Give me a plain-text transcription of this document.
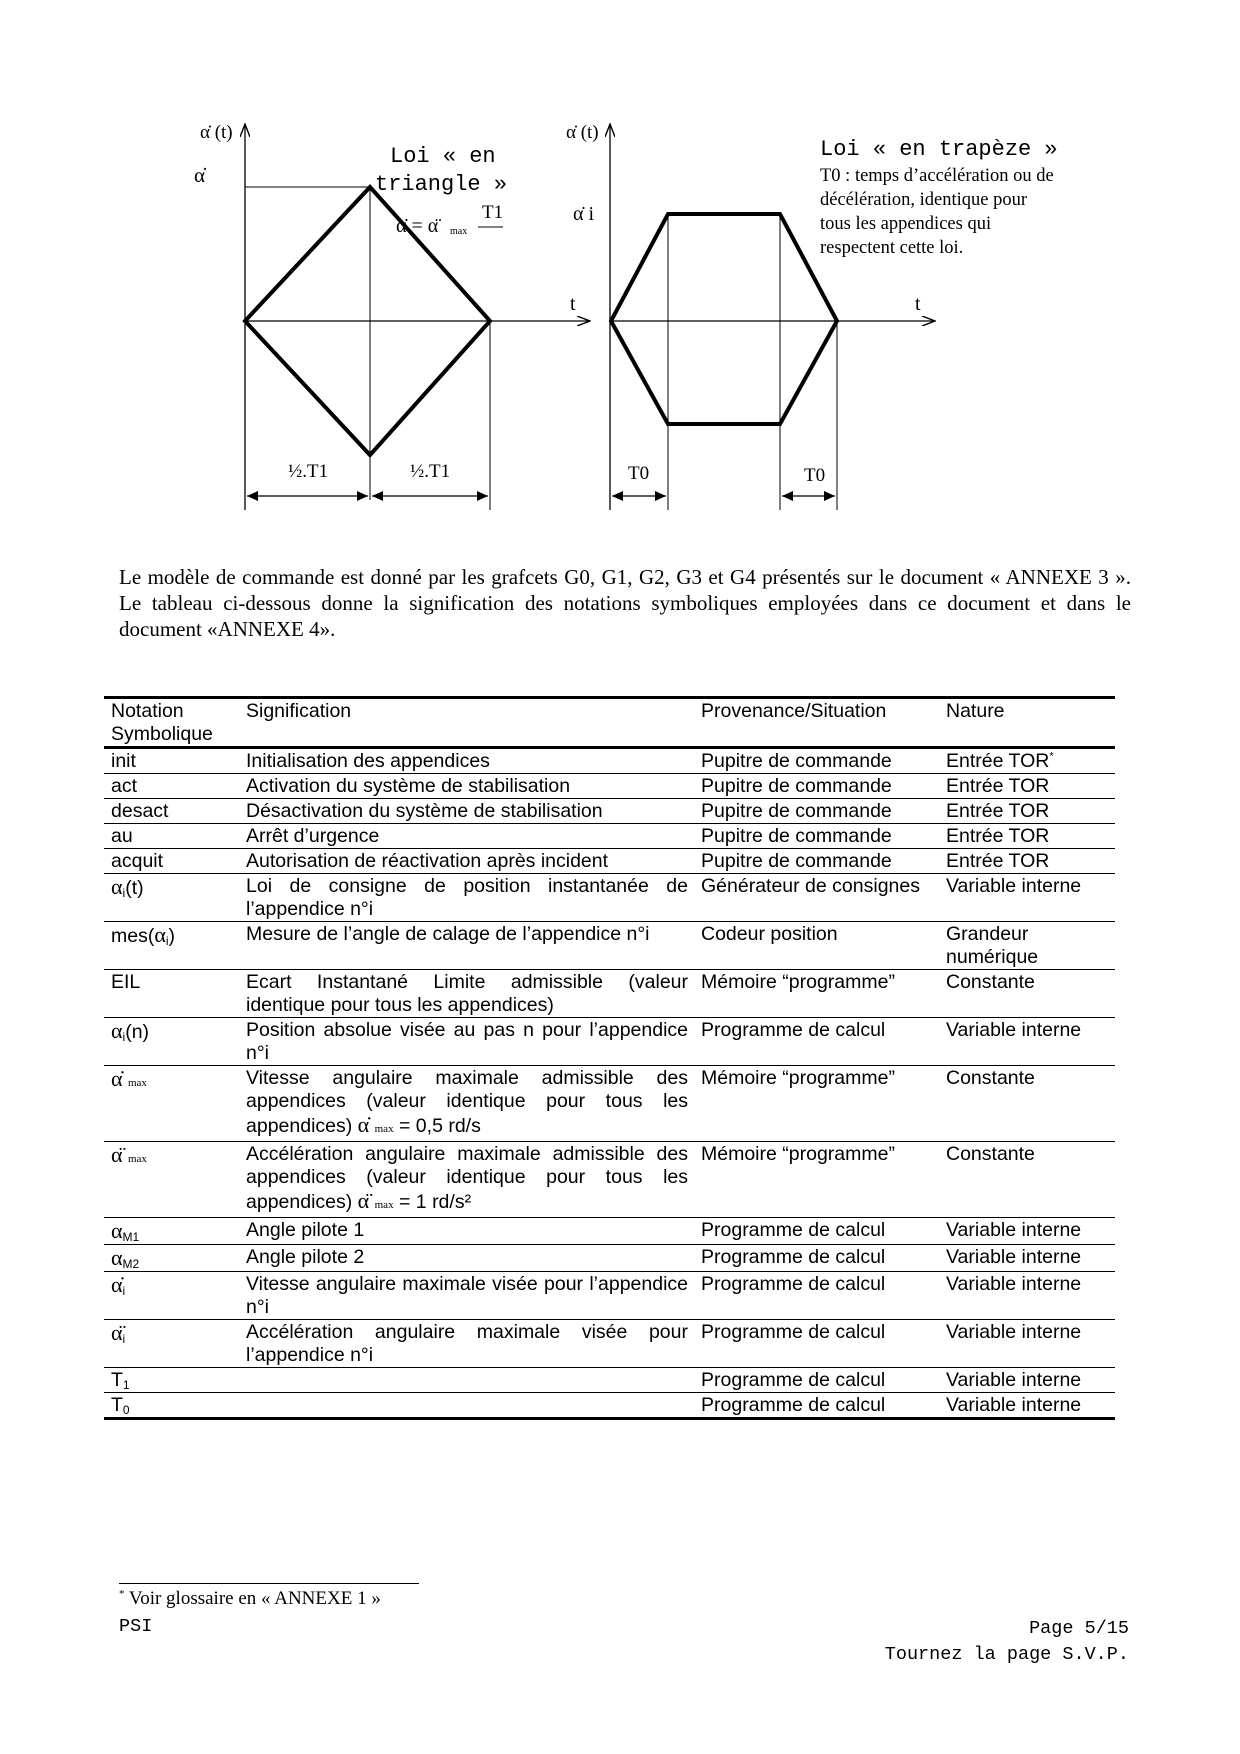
α̇ (t)
α̇
Loi « en
triangle »
α̇ = α̈ max
T1
t
½.T1	½.T1
α̇ (t)
α̇ i
Loi « en trapèze »
T0 : temps d’accélération ou de
décélération, identique pour
tous les appendices qui
respectent cette loi.
t
T0	T0

Le modèle de commande est donné par les grafcets G0, G1, G2, G3 et G4 présentés sur le document « ANNEXE 3 ». Le tableau ci-dessous donne la signification des notations symboliques employées dans ce document et dans le document «ANNEXE 4».

Notation
Symbolique	Signification	Provenance/Situation	Nature
init	Initialisation des appendices	Pupitre de commande	Entrée TOR*
act	Activation du système de stabilisation	Pupitre de commande	Entrée TOR
desact	Désactivation du système de stabilisation	Pupitre de commande	Entrée TOR
au	Arrêt d’urgence	Pupitre de commande	Entrée TOR
acquit	Autorisation de réactivation après incident	Pupitre de commande	Entrée TOR
$\alpha_i(t)$	Loi de consigne de position instantanée de l’appendice n°i	Générateur de consignes	Variable interne
$mes(\alpha_i)$	Mesure de l’angle de calage de l’appendice n°i	Codeur position	Grandeur numérique
EIL	Ecart Instantané Limite admissible (valeur identique pour tous les appendices)	Mémoire “programme”	Constante
$\alpha_i(n)$	Position absolue visée au pas n pour l’appendice n°i	Programme de calcul	Variable interne
α̇ max	Vitesse angulaire maximale admissible des appendices (valeur identique pour tous les appendices) α̇ max = 0,5 rd/s	Mémoire “programme”	Constante
α̈ max	Accélération angulaire maximale admissible des appendices (valeur identique pour tous les appendices) α̈ max = 1 rd/s²	Mémoire “programme”	Constante
$\alpha_{M1}$	Angle pilote 1	Programme de calcul	Variable interne
$\alpha_{M2}$	Angle pilote 2	Programme de calcul	Variable interne
$\alphȧ_i$	Vitesse angulaire maximale visée pour l’appendice n°i	Programme de calcul	Variable interne
$\alphä_i$	Accélération angulaire maximale visée pour l’appendice n°i	Programme de calcul	Variable interne
$T_1$		Programme de calcul	Variable interne
$T_0$		Programme de calcul	Variable interne
* Voir glossaire en « ANNEXE 1 »
PSI	Page 5/15
Tournez la page S.V.P.
